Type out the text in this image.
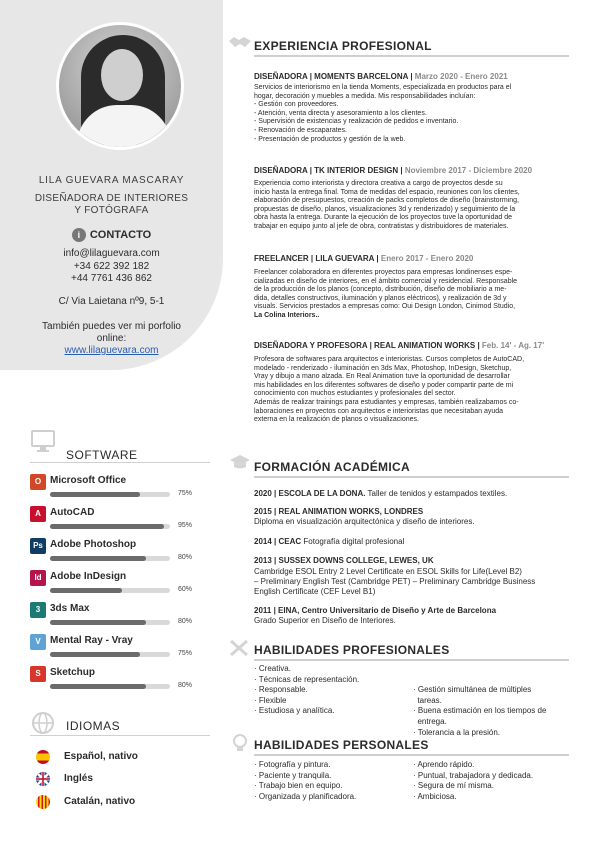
LILA GUEVARA MASCARAY
DISEÑADORA DE INTERIORES
Y FOTÓGRAFA
i CONTACTO
info@lilaguevara.com
+34 622 392 182
+44 7761 436 862
C/ Via Laietana nº9, 5-1
También puedes ver mi porfolio
online:
www.lilaguevara.com
SOFTWARE
O Microsoft Office
75%
A AutoCAD
95%
Ps Adobe Photoshop
80%
Id Adobe InDesign
60%
3 3ds Max
80%
V Mental Ray - Vray
75%
S Sketchup
80%
IDIOMAS
Español, nativo
Inglés
Catalán, nativo
EXPERIENCIA PROFESIONAL
DISEÑADORA | MOMENTS BARCELONA | Marzo 2020 - Enero 2021
Servicios de interiorismo en la tienda Moments, especializada en productos para el
hogar, decoración y muebles a medida. Mis responsabilidades incluían:
- Gestión con proveedores.
- Atención, venta directa y asesoramiento a los clientes.
- Supervisión de existencias y realización de pedidos e inventario.
- Renovación de escaparates.
- Presentación de productos y gestión de la web.
DISEÑADORA | TK INTERIOR DESIGN | Noviembre 2017 - Diciembre 2020
Experiencia como interiorista y directora creativa a cargo de proyectos desde su
inicio hasta la entrega final. Toma de medidas del espacio, reuniones con los clientes,
elaboración de presupuestos, creación de packs completos de diseño (brainstorming,
propuestas de diseño, planos, visualizaciones 3d y renderizado) y seguimiento de la
obra hasta la entrega. Durante la ejecución de los proyectos tuve la oportunidad de
trabajar en equipo junto al jefe de obra, contratistas y distribuidores de materiales.
FREELANCER | LILA GUEVARA | Enero 2017 - Enero 2020
Freelancer colaboradora en diferentes proyectos para empresas londinenses espe-
cializadas en diseño de interiores, en el ámbito comercial y residencial. Responsable
de la producción de los planos (concepto, distribución, diseño de mobiliario a me-
dida, detalles constructivos, iluminación y planos eléctricos), y realización de 3d y
visuals. Servicios prestados a empresas como: Oui Design London, Cinimod Studio,
La Colina Interiors..
DISEÑADORA Y PROFESORA | REAL ANIMATION WORKS | Feb. 14' - Ag. 17'
Profesora de softwares para arquitectos e interioristas. Cursos completos de AutoCAD,
modelado - renderizado - iluminación en 3ds Max, Photoshop, InDesign, Sketchup,
Vray y dibujo a mano alzada. En Real Animation tuve la oportunidad de desarrollar
mis habilidades en los diferentes softwares de diseño y poder compartir parte de mi
conocimiento con muchos estudiantes y profesionales del sector.
Además de realizar trainings para estudiantes y empresas, también realizabamos co-
laboraciones en proyectos con arquitectos e interioristas que necesitaban ayuda
externa en la realización de planos o visualizaciones.
FORMACIÓN ACADÉMICA
2020 | ESCOLA DE LA DONA. Taller de tenidos y estampados textiles.
2015 | REAL ANIMATION WORKS, LONDRES
Diploma en visualización arquitectónica y diseño de interiores.
2014 | CEAC Fotografía digital profesional
2013 | SUSSEX DOWNS COLLEGE, LEWES, UK
Cambridge ESOL Entry 2 Level Certificate en ESOL Skills for Life(Level B2)
– Preliminary English Test (Cambridge PET) – Preliminary Cambridge Business
English Certificate (CEF Level B1)
2011 | EINA, Centro Universitario de Diseño y Arte de Barcelona
Grado Superior en Diseño de Interiores.
HABILIDADES PROFESIONALES
· Creativa.
· Técnicas de representación.
· Responsable.
· Flexible
· Estudiosa y analítica.

· Gestión simultánea de múltiples
tareas.
· Buena estimación en los tiempos de
entrega.
· Tolerancia a la presión.

HABILIDADES PERSONALES
· Fotografía y pintura.
· Paciente y tranquila.
· Trabajo bien en equipo.
· Organizada y planificadora.
· Aprendo rápido.
· Puntual, trabajadora y dedicada.
· Segura de mí misma.
· Ambiciosa.
